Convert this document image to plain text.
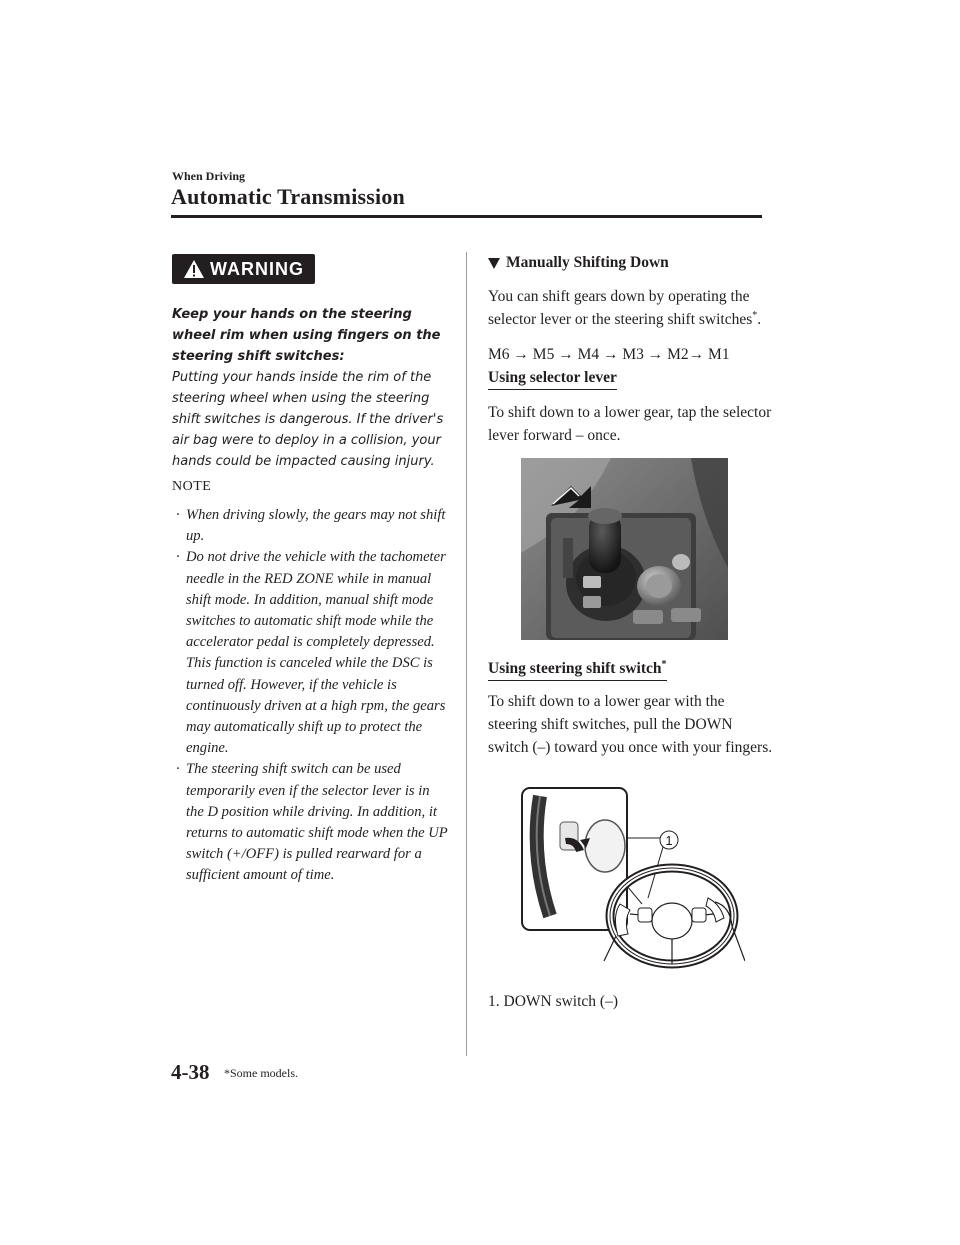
When Driving
Automatic Transmission
WARNING
Keep your hands on the steering wheel rim when using fingers on the steering shift switches:
Putting your hands inside the rim of the steering wheel when using the steering shift switches is dangerous. If the driver's air bag were to deploy in a collision, your hands could be impacted causing injury.
NOTE
· When driving slowly, the gears may not shift up.
· Do not drive the vehicle with the tachometer needle in the RED ZONE while in manual shift mode. In addition, manual shift mode switches to automatic shift mode while the accelerator pedal is completely depressed.
This function is canceled while the DSC is turned off. However, if the vehicle is continuously driven at a high rpm, the gears may automatically shift up to protect the engine.
· The steering shift switch can be used temporarily even if the selector lever is in the D position while driving. In addition, it returns to automatic shift mode when the UP switch (+/OFF) is pulled rearward for a sufficient amount of time.
Manually Shifting Down
You can shift gears down by operating the selector lever or the steering shift switches*.
M6 → M5 → M4 → M3 → M2→ M1
Using selector lever
To shift down to a lower gear, tap the selector lever forward – once.
Using steering shift switch*
To shift down to a lower gear with the steering shift switches, pull the DOWN switch (–) toward you once with your fingers.
1
1. DOWN switch (–)
4-38 *Some models.
